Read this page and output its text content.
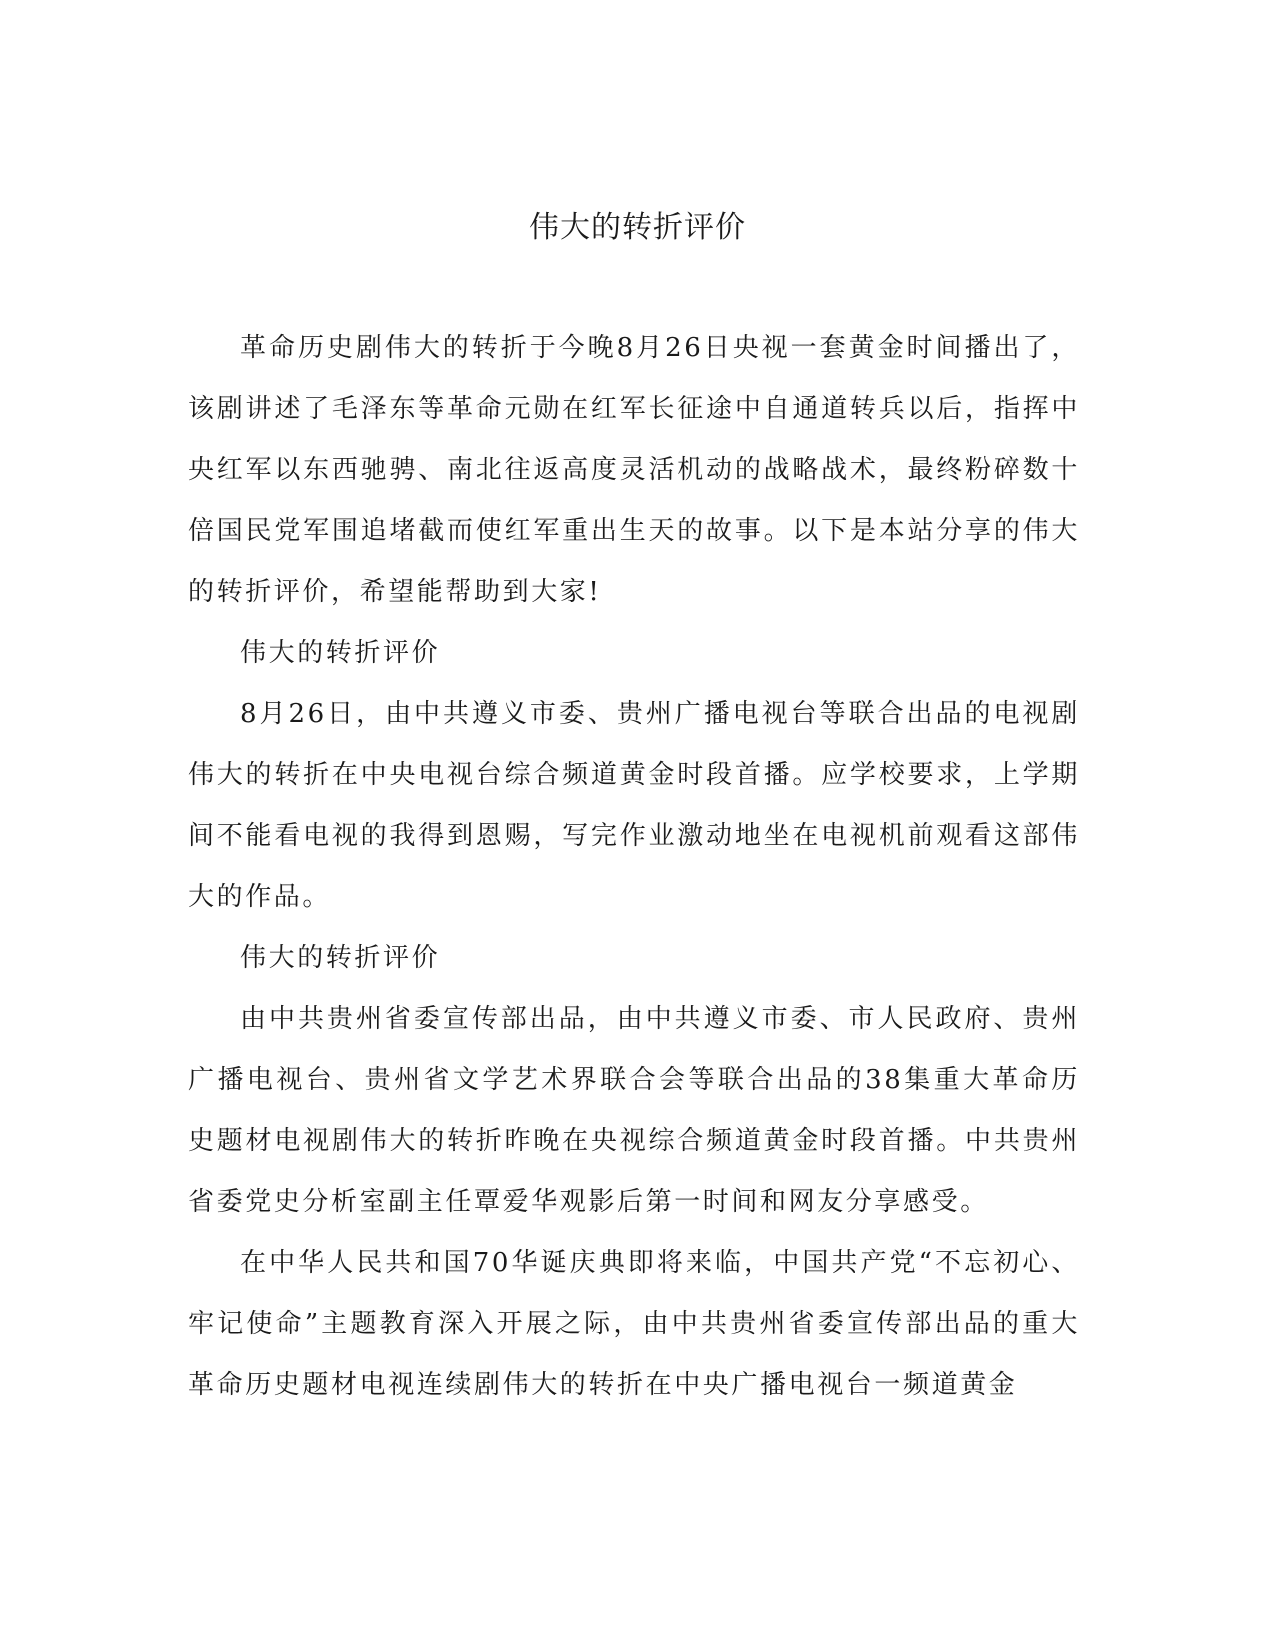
伟大的转折评价

革命历史剧伟大的转折于今晚8月26日央视一套黄金时间播出了，该剧讲述了毛泽东等革命元勋在红军长征途中自通道转兵以后，指挥中央红军以东西驰骋、南北往返高度灵活机动的战略战术，最终粉碎数十倍国民党军围追堵截而使红军重出生天的故事。以下是本站分享的伟大的转折评价，希望能帮助到大家!

伟大的转折评价

8月26日，由中共遵义市委、贵州广播电视台等联合出品的电视剧伟大的转折在中央电视台综合频道黄金时段首播。应学校要求，上学期间不能看电视的我得到恩赐，写完作业激动地坐在电视机前观看这部伟大的作品。

伟大的转折评价

由中共贵州省委宣传部出品，由中共遵义市委、市人民政府、贵州广播电视台、贵州省文学艺术界联合会等联合出品的38集重大革命历史题材电视剧伟大的转折昨晚在央视综合频道黄金时段首播。中共贵州省委党史分析室副主任覃爱华观影后第一时间和网友分享感受。

在中华人民共和国70华诞庆典即将来临，中国共产党“不忘初心、牢记使命”主题教育深入开展之际，由中共贵州省委宣传部出品的重大革命历史题材电视连续剧伟大的转折在中央广播电视台一频道黄金
